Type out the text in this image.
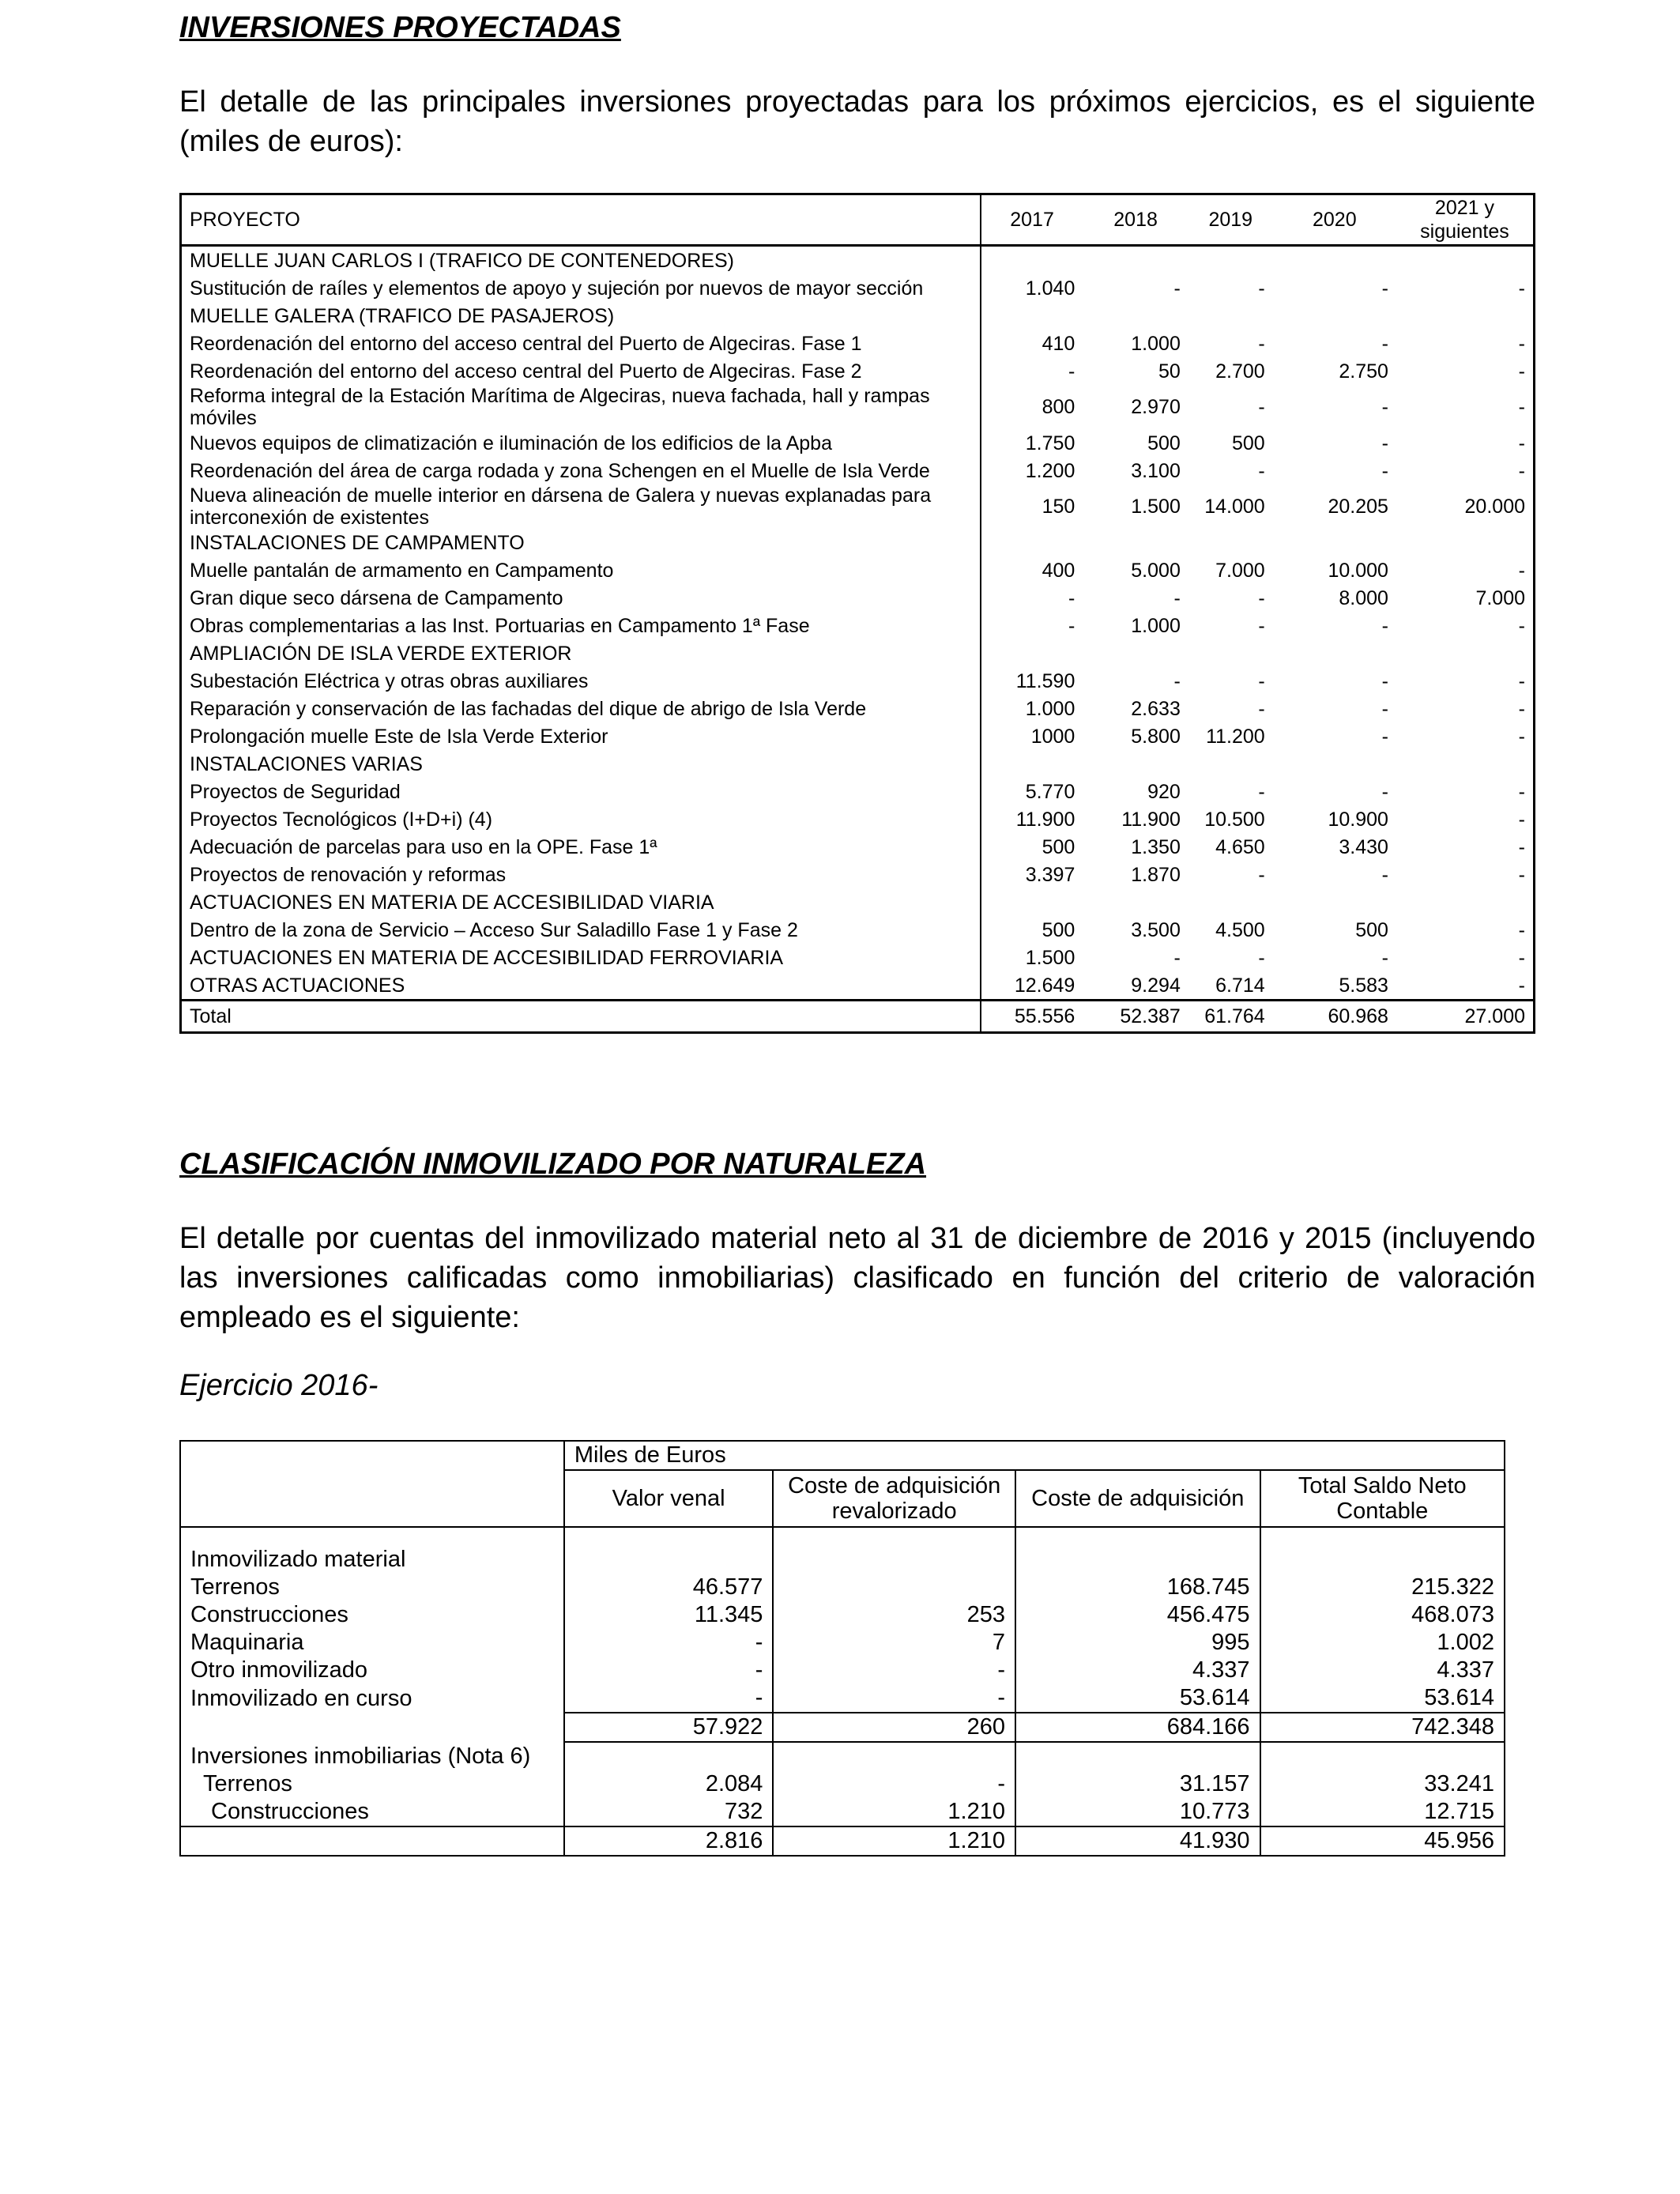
INVERSIONES PROYECTADAS

El detalle de las principales inversiones proyectadas para los próximos ejercicios, es el siguiente (miles de euros):

PROYECTO	2017	2018	2019	2020	2021 y siguientes
MUELLE JUAN CARLOS I (TRAFICO DE CONTENEDORES)					
Sustitución de raíles y elementos de apoyo y sujeción por nuevos de mayor sección	1.040	-	-	-	-
MUELLE GALERA (TRAFICO DE PASAJEROS)					
Reordenación del entorno del acceso central del Puerto de Algeciras. Fase 1	410	1.000	-	-	-
Reordenación del entorno del acceso central del Puerto de Algeciras. Fase 2	-	50	2.700	2.750	-
Reforma integral de la Estación Marítima de Algeciras, nueva fachada, hall y rampas móviles	800	2.970	-	-	-
Nuevos equipos de climatización e iluminación de los edificios de la Apba	1.750	500	500	-	-
Reordenación del área de carga rodada y zona Schengen en el Muelle de Isla Verde	1.200	3.100	-	-	-
Nueva alineación de muelle interior en dársena de Galera y nuevas explanadas para interconexión de existentes	150	1.500	14.000	20.205	20.000
INSTALACIONES DE CAMPAMENTO					
Muelle pantalán de armamento en Campamento	400	5.000	7.000	10.000	-
Gran dique seco dársena de Campamento	-	-	-	8.000	7.000
Obras complementarias a las Inst. Portuarias en Campamento 1ª Fase	-	1.000	-	-	-
AMPLIACIÓN DE ISLA VERDE EXTERIOR					
Subestación Eléctrica y otras obras auxiliares	11.590	-	-	-	-
Reparación y conservación de las fachadas del dique de abrigo de Isla Verde	1.000	2.633	-	-	-
Prolongación muelle Este de Isla Verde Exterior	1000	5.800	11.200	-	-
INSTALACIONES VARIAS					
Proyectos de Seguridad	5.770	920	-	-	-
Proyectos Tecnológicos (I+D+i) (4)	11.900	11.900	10.500	10.900	-
Adecuación de parcelas para uso en la OPE. Fase 1ª	500	1.350	4.650	3.430	-
Proyectos de renovación y reformas	3.397	1.870	-	-	-
ACTUACIONES EN MATERIA DE ACCESIBILIDAD VIARIA					
Dentro de la zona de Servicio – Acceso Sur Saladillo Fase 1 y Fase 2	500	3.500	4.500	500	-
ACTUACIONES EN MATERIA DE ACCESIBILIDAD FERROVIARIA	1.500	-	-	-	-
OTRAS ACTUACIONES	12.649	9.294	6.714	5.583	-
Total	55.556	52.387	61.764	60.968	27.000
CLASIFICACIÓN INMOVILIZADO POR NATURALEZA

El detalle por cuentas del inmovilizado material neto al 31 de diciembre de 2016 y 2015 (incluyendo las inversiones calificadas como inmobiliarias) clasificado en función del criterio de valoración empleado es el siguiente:

Ejercicio 2016-

	Miles de Euros			
	Valor venal	Coste de adquisición revalorizado	Coste de adquisición	Total Saldo Neto Contable
Inmovilizado material				
Terrenos	46.577		168.745	215.322
Construcciones	11.345	253	456.475	468.073
Maquinaria	-	7	995	1.002
Otro inmovilizado	-	-	4.337	4.337
Inmovilizado en curso	-	-	53.614	53.614
	57.922	260	684.166	742.348
Inversiones inmobiliarias (Nota 6)				
Terrenos	2.084	-	31.157	33.241
Construcciones	732	1.210	10.773	12.715
	2.816	1.210	41.930	45.956
